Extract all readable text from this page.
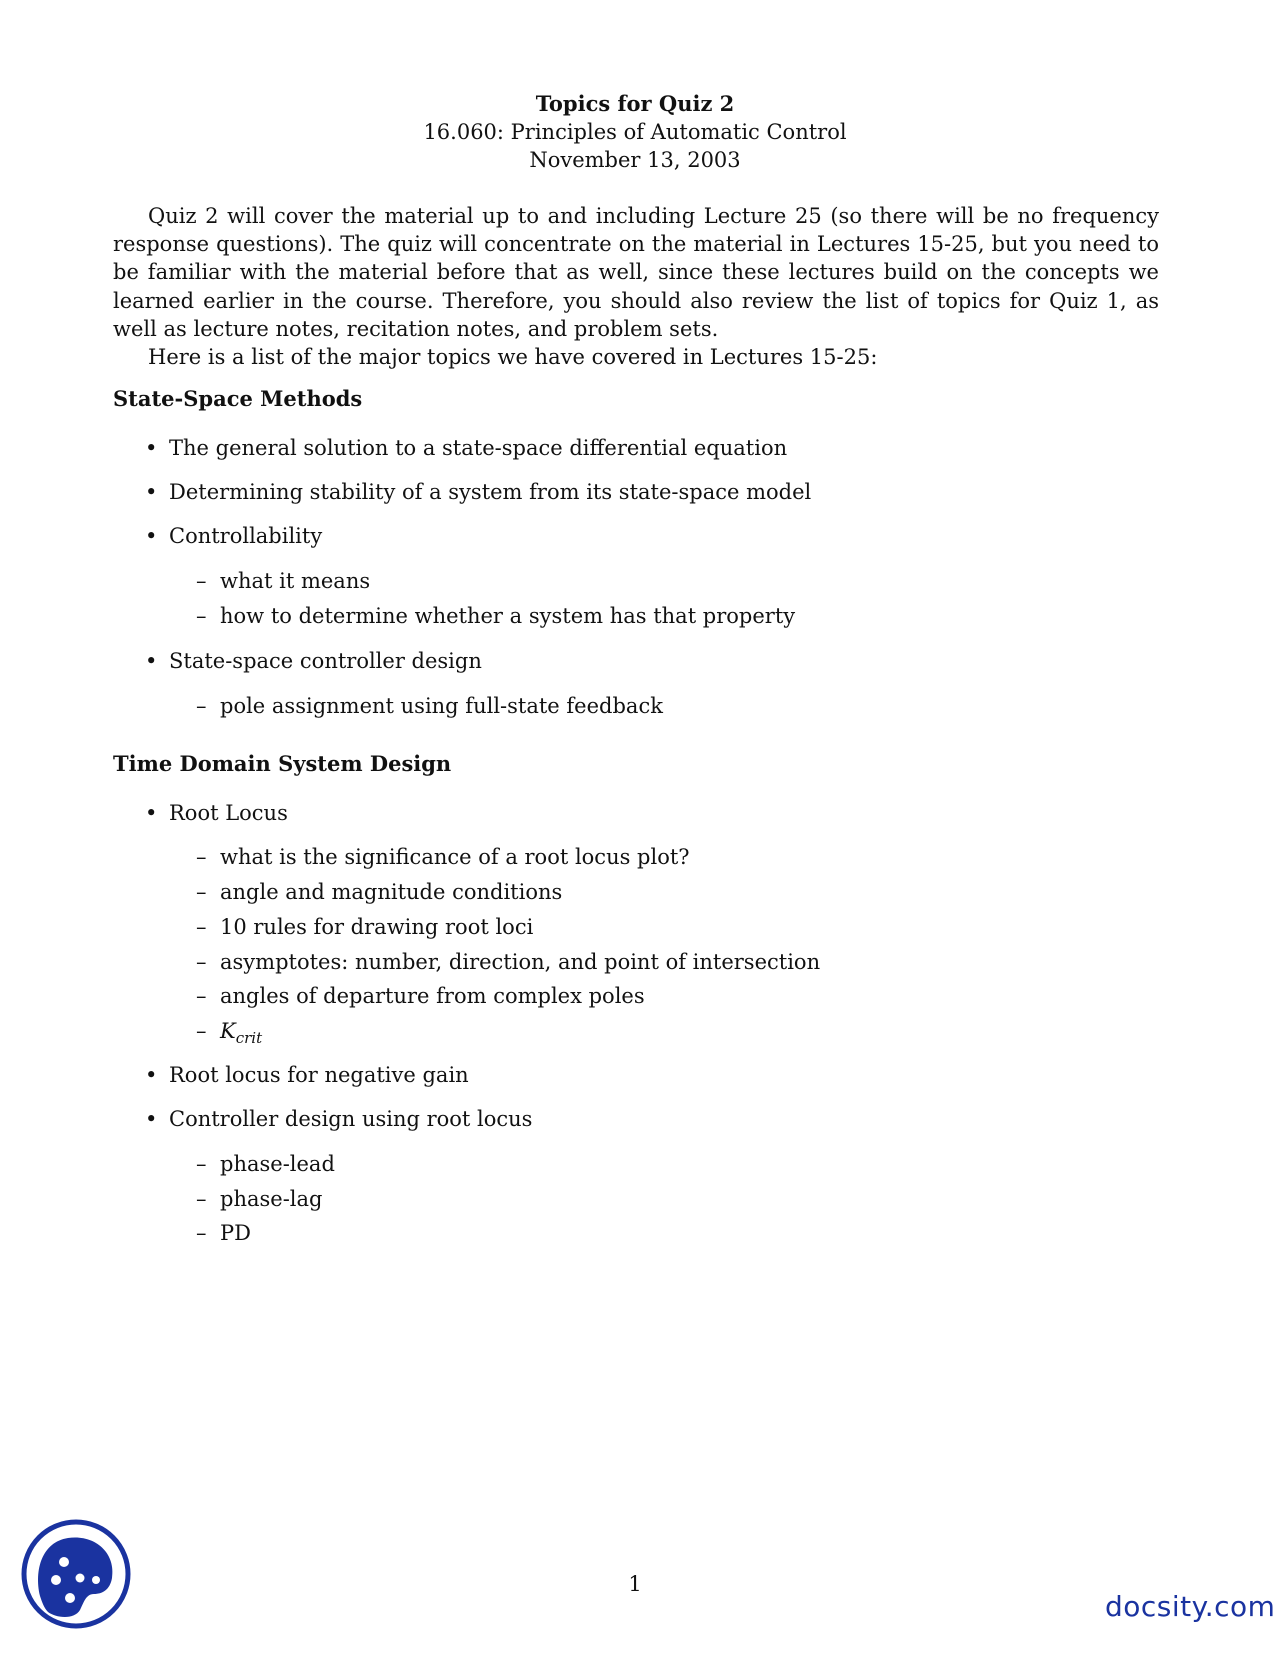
Topics for Quiz 2
16.060: Principles of Automatic Control
November 13, 2003

Quiz 2 will cover the material up to and including Lecture 25 (so there will be no frequency response questions). The quiz will concentrate on the material in Lectures 15-25, but you need to be familiar with the material before that as well, since these lectures build on the concepts we learned earlier in the course. Therefore, you should also review the list of topics for Quiz 1, as well as lecture notes, recitation notes, and problem sets.

Here is a list of the major topics we have covered in Lectures 15-25:

State-Space Methods
• The general solution to a state-space differential equation
• Determining stability of a system from its state-space model
• Controllability
– what it means
– how to determine whether a system has that property
• State-space controller design
– pole assignment using full-state feedback
Time Domain System Design
• Root Locus
– what is the significance of a root locus plot?
– angle and magnitude conditions
– 10 rules for drawing root loci
– asymptotes: number, direction, and point of intersection
– angles of departure from complex poles
– $K_{crit}$
• Root locus for negative gain
• Controller design using root locus
– phase-lead
– phase-lag
– PD
1
docsity.com
